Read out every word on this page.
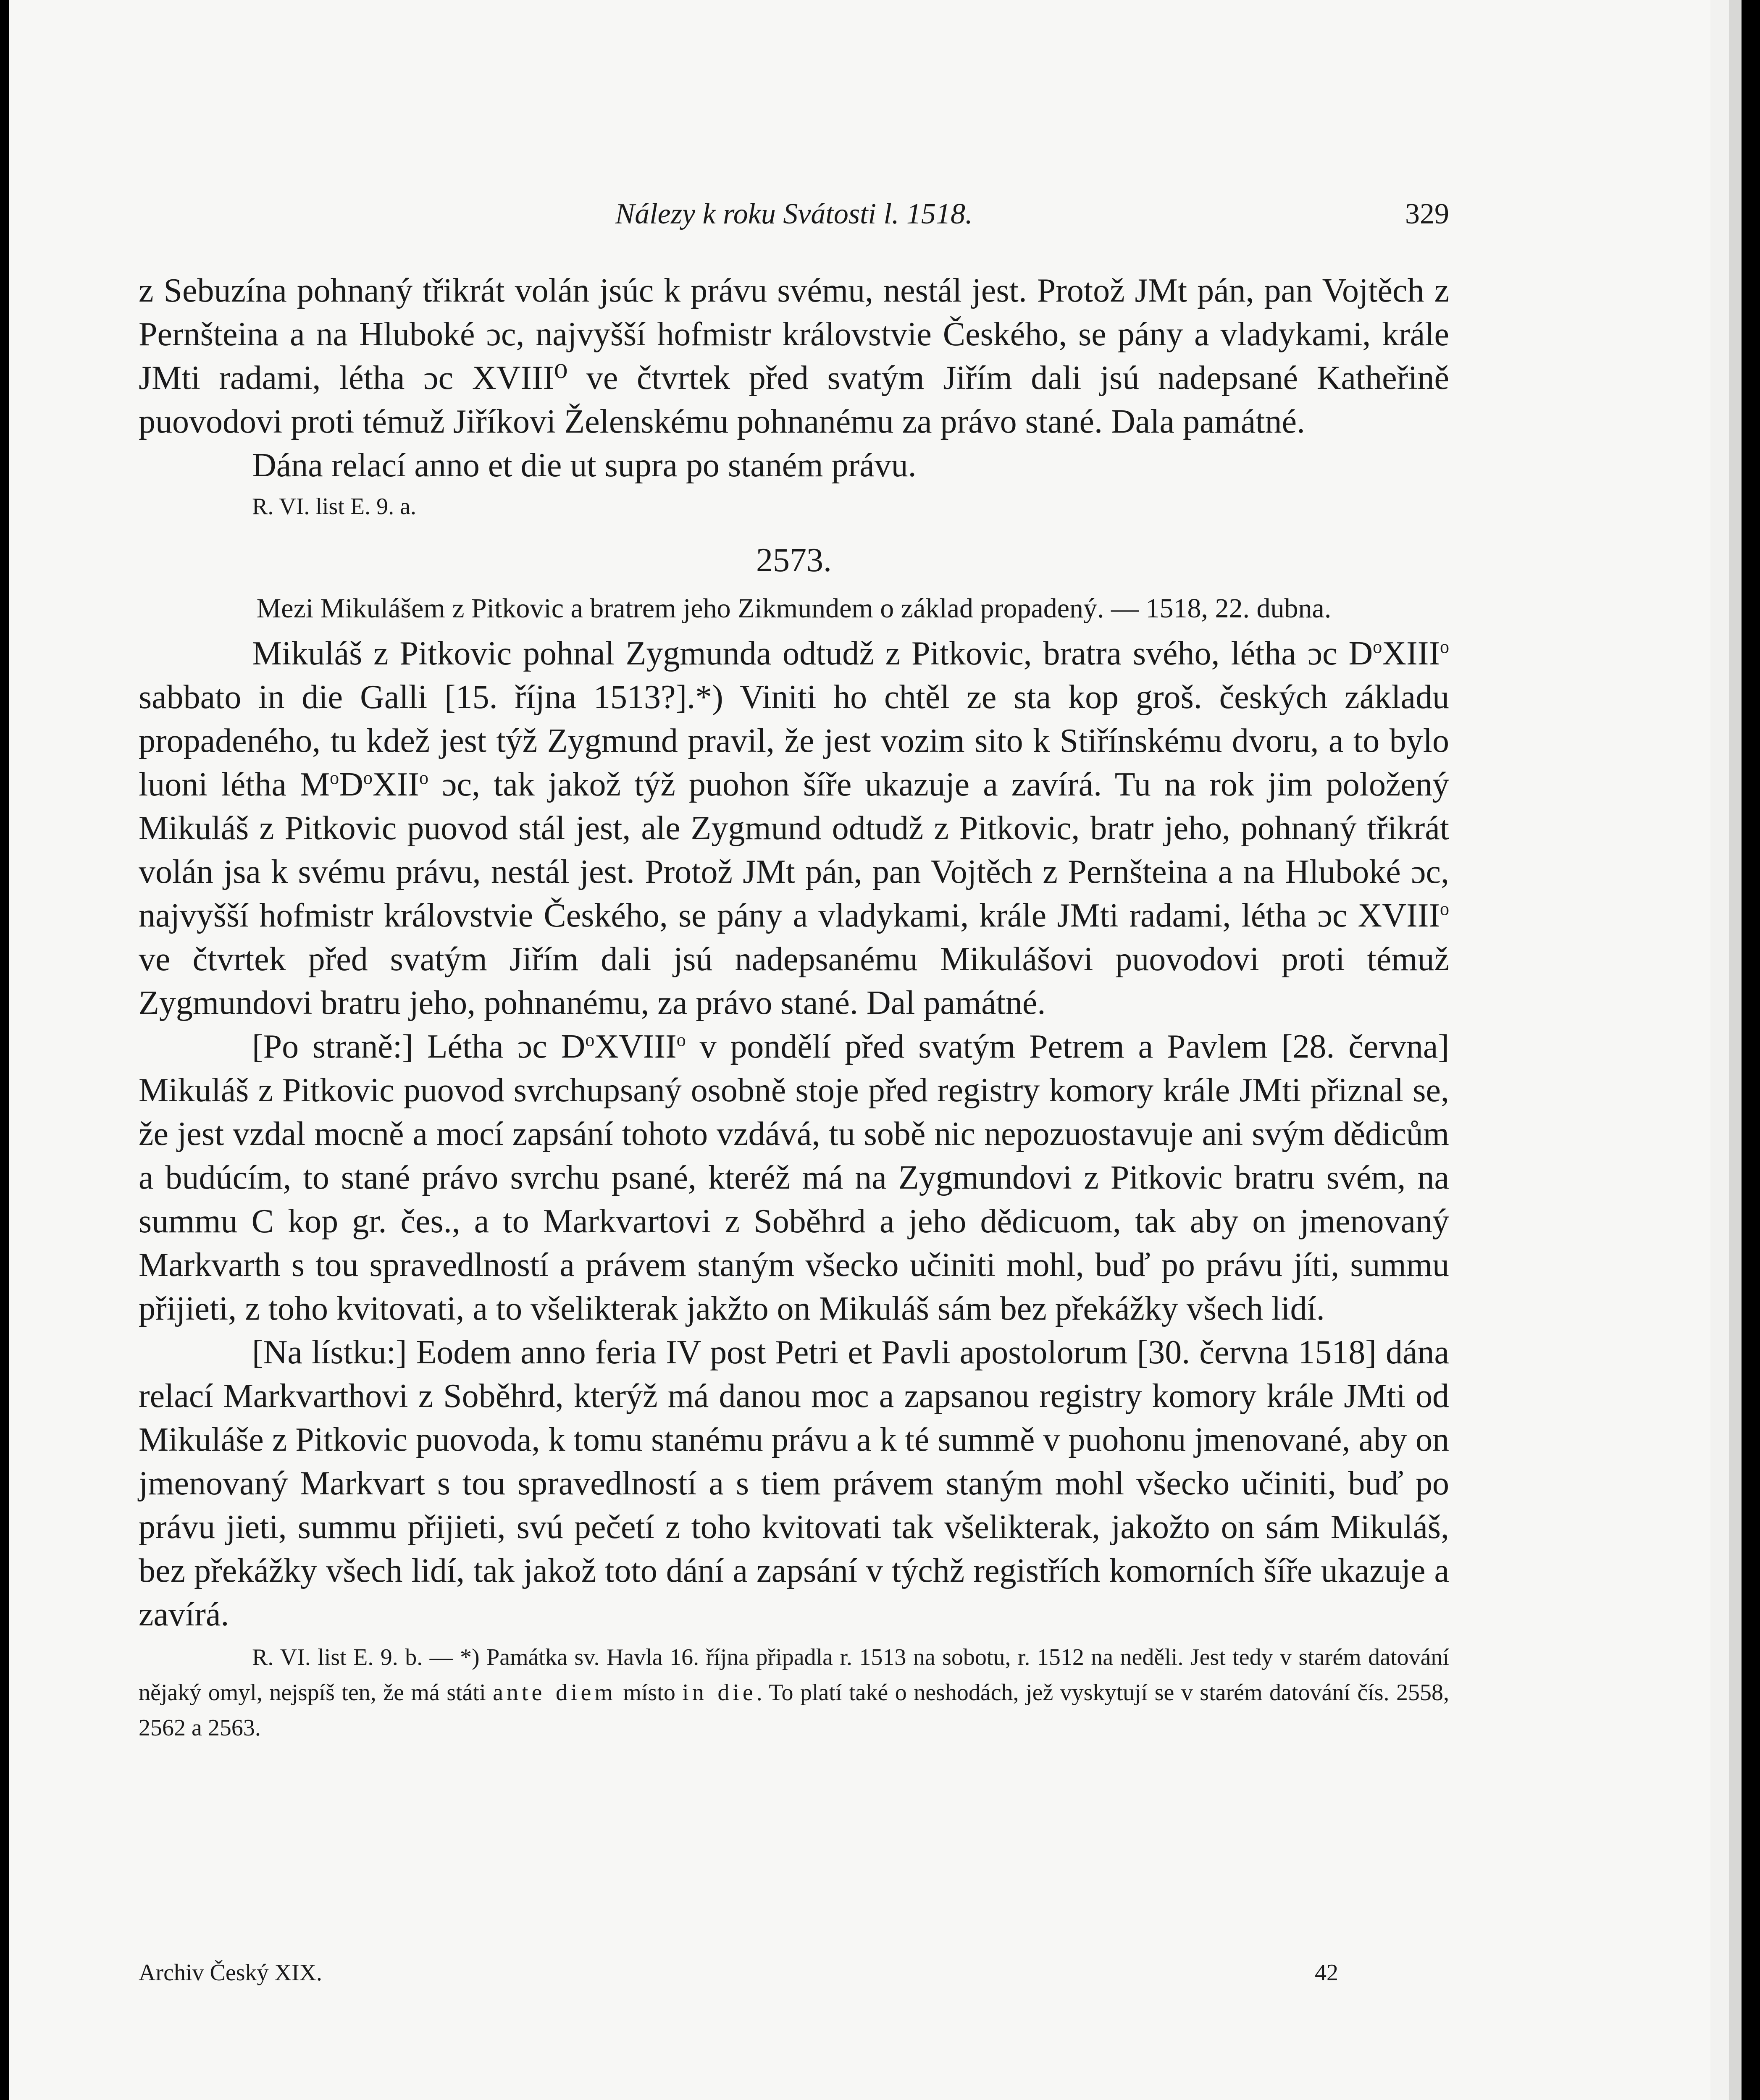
Nálezy k roku Svátosti l. 1518.	329

z Sebuzína pohnaný třikrát volán jsúc k právu svému, nestál jest. Protož JMt pán, pan Vojtěch z Pernšteina a na Hluboké ɔc, najvyšší hofmistr královstvie Českého, se pány a vladykami, krále JMti radami, létha ɔc XVIII⁰ ve čtvrtek před svatým Jiřím dali jsú nadepsané Katheřině puovodovi proti témuž Jiříkovi Želenskému pohnanému za právo stané. Dala památné.

Dána relací anno et die ut supra po staném právu.

R. VI. list E. 9. a.

2573.

Mezi Mikulášem z Pitkovic a bratrem jeho Zikmundem o základ propadený. — 1518, 22. dubna.

Mikuláš z Pitkovic pohnal Zygmunda odtudž z Pitkovic, bratra svého, létha ɔc $D^oXIII^o$ sabbato in die Galli [15. října 1513?].*) Viniti ho chtěl ze sta kop groš. českých základu propadeného, tu kdež jest týž Zygmund pravil, že jest vozim sito k Stiřínskému dvoru, a to bylo luoni létha $M^oD^oXII^o$ ɔc, tak jakož týž puohon šíře ukazuje a zavírá. Tu na rok jim položený Mikuláš z Pitkovic puovod stál jest, ale Zygmund odtudž z Pitkovic, bratr jeho, pohnaný třikrát volán jsa k svému právu, nestál jest. Protož JMt pán, pan Vojtěch z Pernšteina a na Hluboké ɔc, najvyšší hofmistr královstvie Českého, se pány a vladykami, krále JMti radami, létha ɔc XVIII$^o$ ve čtvrtek před svatým Jiřím dali jsú nadepsanému Mikulášovi puovodovi proti témuž Zygmundovi bratru jeho, pohnanému, za právo stané. Dal památné.

[Po straně:] Létha ɔc $D^oXVIII^o$ v pondělí před svatým Petrem a Pavlem [28. června] Mikuláš z Pitkovic puovod svrchupsaný osobně stoje před registry komory krále JMti přiznal se, že jest vzdal mocně a mocí zapsání tohoto vzdává, tu sobě nic nepozuostavuje ani svým dědicům a budúcím, to stané právo svrchu psané, kteréž má na Zygmundovi z Pitkovic bratru svém, na summu C kop gr. čes., a to Markvartovi z Soběhrd a jeho dědicuom, tak aby on jmenovaný Markvarth s tou spravedlností a právem staným všecko učiniti mohl, buď po právu jíti, summu přijieti, z toho kvitovati, a to všelikterak jakžto on Mikuláš sám bez překážky všech lidí.

[Na lístku:] Eodem anno feria IV post Petri et Pavli apostolorum [30. června 1518] dána relací Markvarthovi z Soběhrd, kterýž má danou moc a zapsanou registry komory krále JMti od Mikuláše z Pitkovic puovoda, k tomu stanému právu a k té summě v puohonu jmenované, aby on jmenovaný Markvart s tou spravedlností a s tiem právem staným mohl všecko učiniti, buď po právu jieti, summu přijieti, svú pečetí z toho kvitovati tak všelikterak, jakožto on sám Mikuláš, bez překážky všech lidí, tak jakož toto dání a zapsání v týchž registřích komorních šíře ukazuje a zavírá.

R. VI. list E. 9. b. — *) Památka sv. Havla 16. října připadla r. 1513 na sobotu, r. 1512 na neděli. Jest tedy v starém datování nějaký omyl, nejspíš ten, že má státi ante diem místo in die. To platí také o neshodách, jež vyskytují se v starém datování čís. 2558, 2562 a 2563.

Archiv Český XIX.	42
